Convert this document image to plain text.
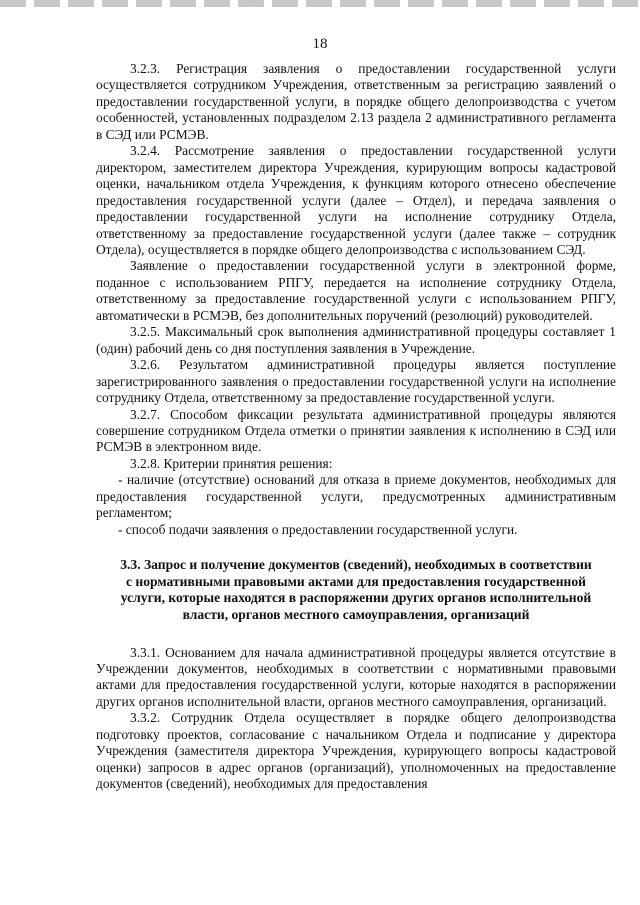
18

3.2.3. Регистрация заявления о предоставлении государственной услуги осуществляется сотрудником Учреждения, ответственным за регистрацию заявлений о предоставлении государственной услуги, в порядке общего делопроизводства с учетом особенностей, установленных подразделом 2.13 раздела 2 административного регламента в СЭД или РСМЭВ.

3.2.4. Рассмотрение заявления о предоставлении государственной услуги директором, заместителем директора Учреждения, курирующим вопросы кадастровой оценки, начальником отдела Учреждения, к функциям которого отнесено обеспечение предоставления государственной услуги (далее – Отдел), и передача заявления о предоставлении государственной услуги на исполнение сотруднику Отдела, ответственному за предоставление государственной услуги (далее также – сотрудник Отдела), осуществляется в порядке общего делопроизводства с использованием СЭД.

Заявление о предоставлении государственной услуги в электронной форме, поданное с использованием РПГУ, передается на исполнение сотруднику Отдела, ответственному за предоставление государственной услуги с использованием РПГУ, автоматически в РСМЭВ, без дополнительных поручений (резолюций) руководителей.

3.2.5. Максимальный срок выполнения административной процедуры составляет 1 (один) рабочий день со дня поступления заявления в Учреждение.

3.2.6. Результатом административной процедуры является поступление зарегистрированного заявления о предоставлении государственной услуги на исполнение сотруднику Отдела, ответственному за предоставление государственной услуги.

3.2.7. Способом фиксации результата административной процедуры являются совершение сотрудником Отдела отметки о принятии заявления к исполнению в СЭД или РСМЭВ в электронном виде.

3.2.8. Критерии принятия решения:

- наличие (отсутствие) оснований для отказа в приеме документов, необходимых для предоставления государственной услуги, предусмотренных административным регламентом;

- способ подачи заявления о предоставлении государственной услуги.

3.3. Запрос и получение документов (сведений), необходимых в соответствии
с нормативными правовыми актами для предоставления государственной
услуги, которые находятся в распоряжении других органов исполнительной
власти, органов местного самоуправления, организаций

3.3.1. Основанием для начала административной процедуры является отсутствие в Учреждении документов, необходимых в соответствии с нормативными правовыми актами для предоставления государственной услуги, которые находятся в распоряжении других органов исполнительной власти, органов местного самоуправления, организаций.

3.3.2. Сотрудник Отдела осуществляет в порядке общего делопроизводства подготовку проектов, согласование с начальником Отдела и подписание у директора Учреждения (заместителя директора Учреждения, курирующего вопросы кадастровой оценки) запросов в адрес органов (организаций), уполномоченных на предоставление документов (сведений), необходимых для предоставления
